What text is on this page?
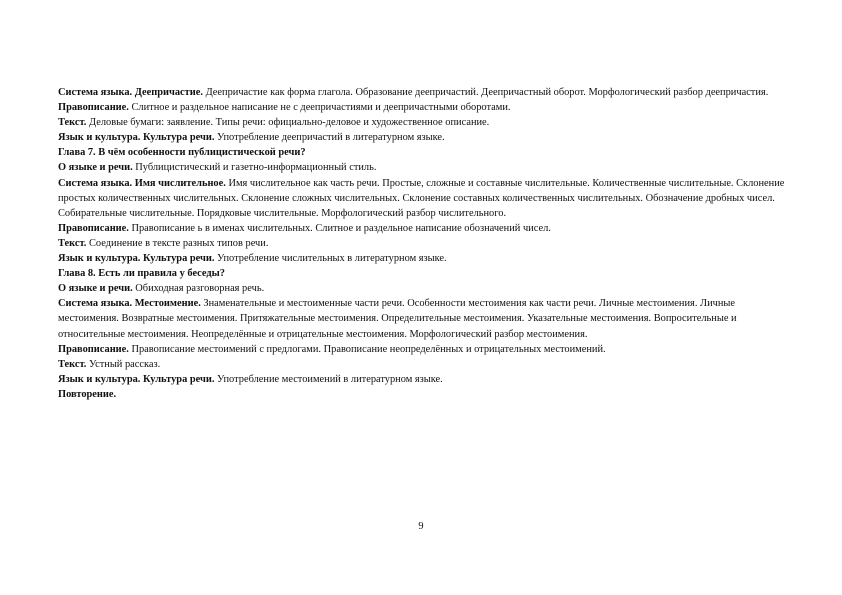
Система языка. Деепричастие. Деепричастие как форма глагола. Образование деепричастий. Деепричастный оборот. Морфологический разбор деепричастия.

Правописание. Слитное и раздельное написание не с деепричастиями и деепричастными оборотами.

Текст. Деловые бумаги: заявление. Типы речи: официально-деловое и художественное описание.

Язык и культура. Культура речи. Употребление деепричастий в литературном языке.

Глава 7. В чём особенности публицистической речи?

О языке и речи. Публицистический и газетно-информационный стиль.

Система языка. Имя числительное. Имя числительное как часть речи. Простые, сложные и составные числительные. Количественные числительные. Склонение простых количественных числительных. Склонение сложных числительных. Склонение составных количественных числительных. Обозначение дробных чисел. Собирательные числительные. Порядковые числительные. Морфологический разбор числительного.

Правописание. Правописание ь в именах числительных. Слитное и раздельное написание обозначений чисел.

Текст. Соединение в тексте разных типов речи.

Язык и культура. Культура речи. Употребление числительных в литературном языке.

Глава 8. Есть ли правила у беседы?

О языке и речи. Обиходная разговорная речь.

Система языка. Местоимение. Знаменательные и местоименные части речи. Особенности местоимения как части речи. Личные местоимения. Личные местоимения. Возвратные местоимения. Притяжательные местоимения. Определительные местоимения. Указательные местоимения. Вопросительные и относительные местоимения. Неопределённые и отрицательные местоимения. Морфологический разбор местоимения.

Правописание. Правописание местоимений с предлогами. Правописание неопределённых и отрицательных местоимений.

Текст. Устный рассказ.

Язык и культура. Культура речи. Употребление местоимений в литературном языке.

Повторение.

9
